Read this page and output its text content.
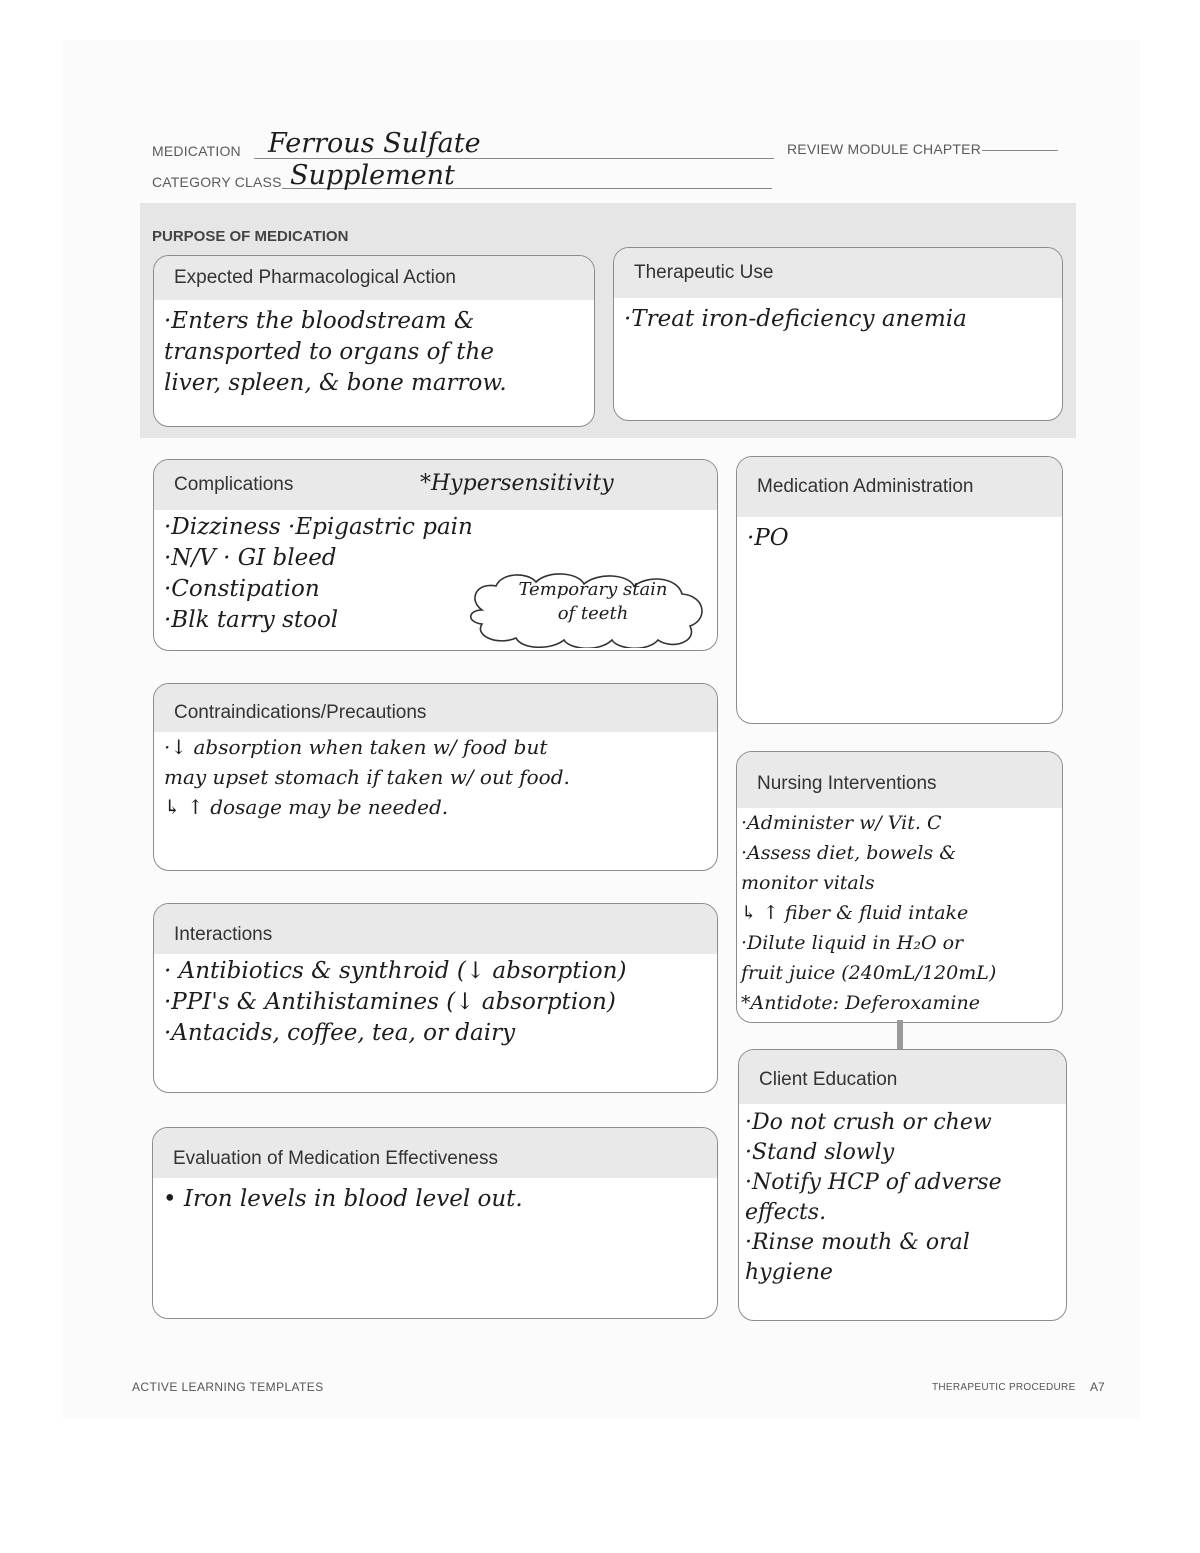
MEDICATION Ferrous Sulfate	REVIEW MODULE CHAPTER
CATEGORY CLASS Supplement
PURPOSE OF MEDICATION
Expected Pharmacological Action
·Enters the bloodstream &
transported to organs of the
liver, spleen, & bone marrow.
Therapeutic Use
·Treat iron-deficiency anemia
Complications
·Dizziness ·Epigastric pain
·N/V · GI bleed
·Constipation
·Blk tarry stool
*Hypersensitivity
Temporary stain
of teeth
Medication Administration
·PO
Contraindications/Precautions
·↓ absorption when taken w/ food but
may upset stomach if taken w/ out food.
↳ ↑ dosage may be needed.
Nursing Interventions
·Administer w/ Vit. C
·Assess diet, bowels &
monitor vitals
↳ ↑ fiber & fluid intake
·Dilute liquid in H₂O or
fruit juice (240mL/120mL)
*Antidote: Deferoxamine
Interactions
· Antibiotics & synthroid (↓ absorption)
·PPI's & Antihistamines (↓ absorption)
·Antacids, coffee, tea, or dairy
Client Education
·Do not crush or chew
·Stand slowly
·Notify HCP of adverse
effects.
·Rinse mouth & oral
hygiene
Evaluation of Medication Effectiveness
• Iron levels in blood level out.
ACTIVE LEARNING TEMPLATES	THERAPEUTIC PROCEDURE A7
